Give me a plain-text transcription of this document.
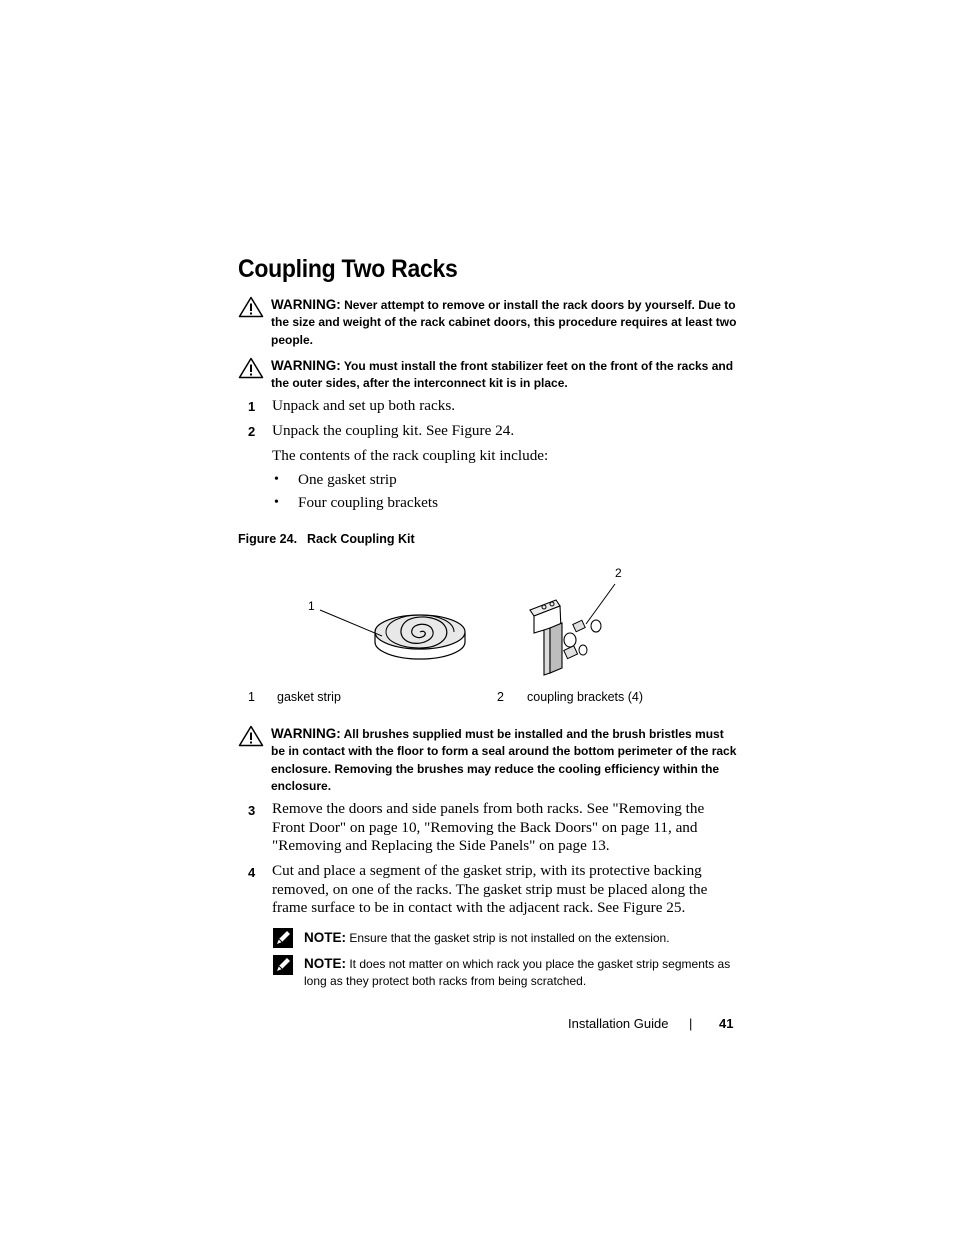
Coupling Two Racks
WARNING: Never attempt to remove or install the rack doors by yourself. Due to the size and weight of the rack cabinet doors, this procedure requires at least two people.
WARNING: You must install the front stabilizer feet on the front of the racks and the outer sides, after the interconnect kit is in place.
1 Unpack and set up both racks.
2 Unpack the coupling kit. See Figure 24.
The contents of the rack coupling kit include:
• One gasket strip
• Four coupling brackets
Figure 24. Rack Coupling Kit
1
2
1 gasket strip	2 coupling brackets (4)
WARNING: All brushes supplied must be installed and the brush bristles must be in contact with the floor to form a seal around the bottom perimeter of the rack enclosure. Removing the brushes may reduce the cooling efficiency within the enclosure.
3 Remove the doors and side panels from both racks. See "Removing the Front Door" on page 10, "Removing the Back Doors" on page 11, and "Removing and Replacing the Side Panels" on page 13.
4 Cut and place a segment of the gasket strip, with its protective backing removed, on one of the racks. The gasket strip must be placed along the frame surface to be in contact with the adjacent rack. See Figure 25.
NOTE: Ensure that the gasket strip is not installed on the extension.
NOTE: It does not matter on which rack you place the gasket strip segments as long as they protect both racks from being scratched.
Installation Guide | 41
